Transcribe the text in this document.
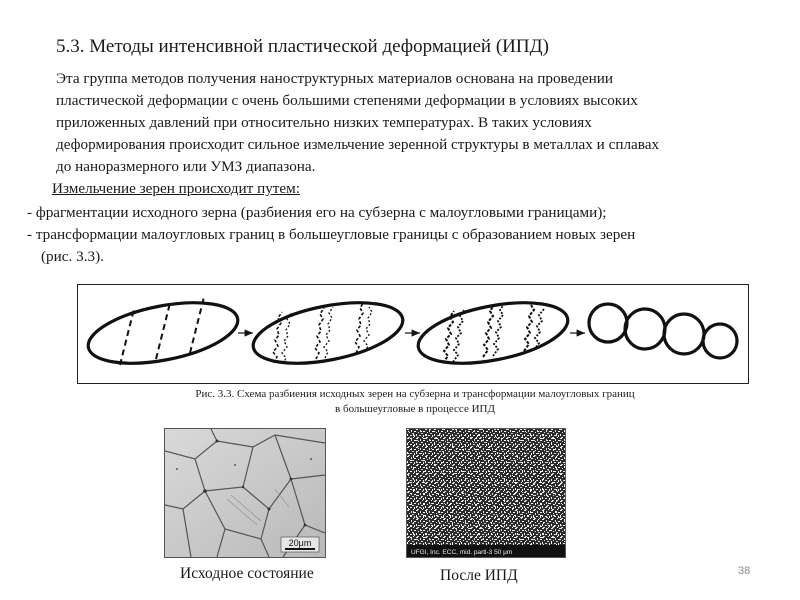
5.3. Методы интенсивной пластической деформацией (ИПД)
Эта группа методов получения наноструктурных материалов основана на проведении
пластической деформации с очень большими степенями деформации в условиях высоких
приложенных давлений при относительно низких температурах. В таких условиях
деформирования происходит сильное измельчение зеренной структуры в металлах и сплавах
до наноразмерного или УМЗ диапазона.
Измельчение зерен происходит путем:
- фрагментации исходного зерна (разбиения его на субзерна с малоугловыми границами);
- трансформации малоугловых границ в большеугловые границы с образованием новых зерен
(рис. 3.3).
Рис. 3.3. Схема разбиения исходных зерен на субзерна и трансформации малоугловых границ
в большеугловые в процессе ИПД
20μm
UFGI, Inc. ECC, mid. partl-3 50 μm
Исходное состояние	После ИПД	38
